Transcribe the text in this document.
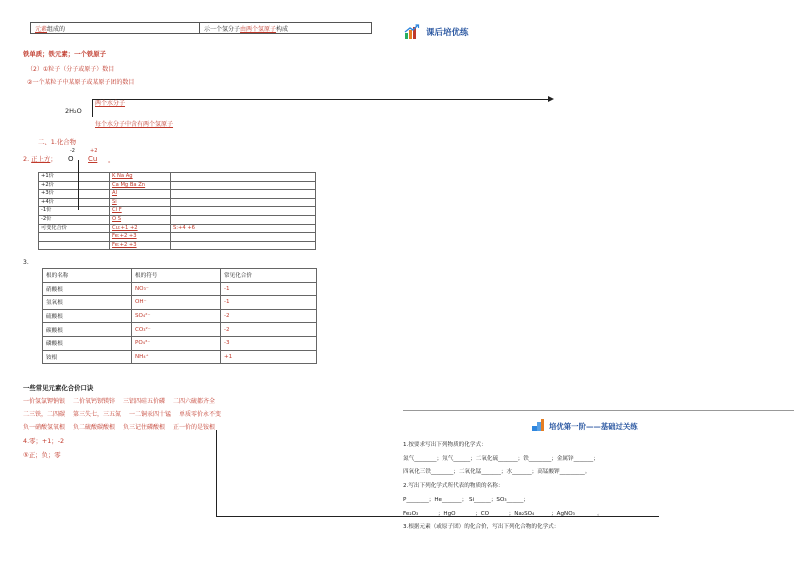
元素组成的	示一个氢分子由两个氢原子构成	课后培优练
铁单质；铁元素；一个铁原子
（2）①粒子（分子或原子）数目
②一个某粒子中某原子或某原子团的数目
两个水分子
2H₂O
每个水分子中含有两个氢原子
二、1.化合物
2. 正上方；
-2
O
+2
Cu 。
+1价	K Na Ag	
+2价	Ca Mg Ba Zn	
+3价	Al	
+4价	Si	
-1价	Cl F	
-2价	O S	
可变化合价	Cu:+1 +2	S:+4 +6
	Fe:+2 +3	
	Fe:+2 +3	
3.
根的名称	根的符号	常见化合价
硝酸根	NO₃⁻	-1
氢氧根	OH⁻	-1
硫酸根	SO₄²⁻	-2
碳酸根	CO₃²⁻	-2
磷酸根	PO₄³⁻	-3
铵根	NH₄⁺	+1
一些常见元素化合价口诀
一价氢氯钾钠银 二价氧钙钡镁锌 三铝四硅五价磷 二四六硫都齐全
二三铁，二四碳 第三失七，三五氮 一二铜汞四十锰 单质零价永不变
负一硝酸氢氧根 负二硫酸碳酸根 负三记住磷酸根 正一价的是铵根
4.零；+1；-2
⑤正；负；零
培优第一阶——基础过关练
1.按要求写出下列物质的化学式：
氮气________；氖气______；二氧化硫_______；铁________；金属锌_______；
四氧化三铁________；二氧化锰_______；水_______；高锰酸钾_________。
2.写出下列化学式所代表的物质的名称：
P________；He_______； Si______；SO₃______；
Fe₂O₃_______；HgO_______；CO_______；Na₂SO₄______；AgNO₃________。
3.根据元素（或原子团）的化合价，写出下列化合物的化学式：
